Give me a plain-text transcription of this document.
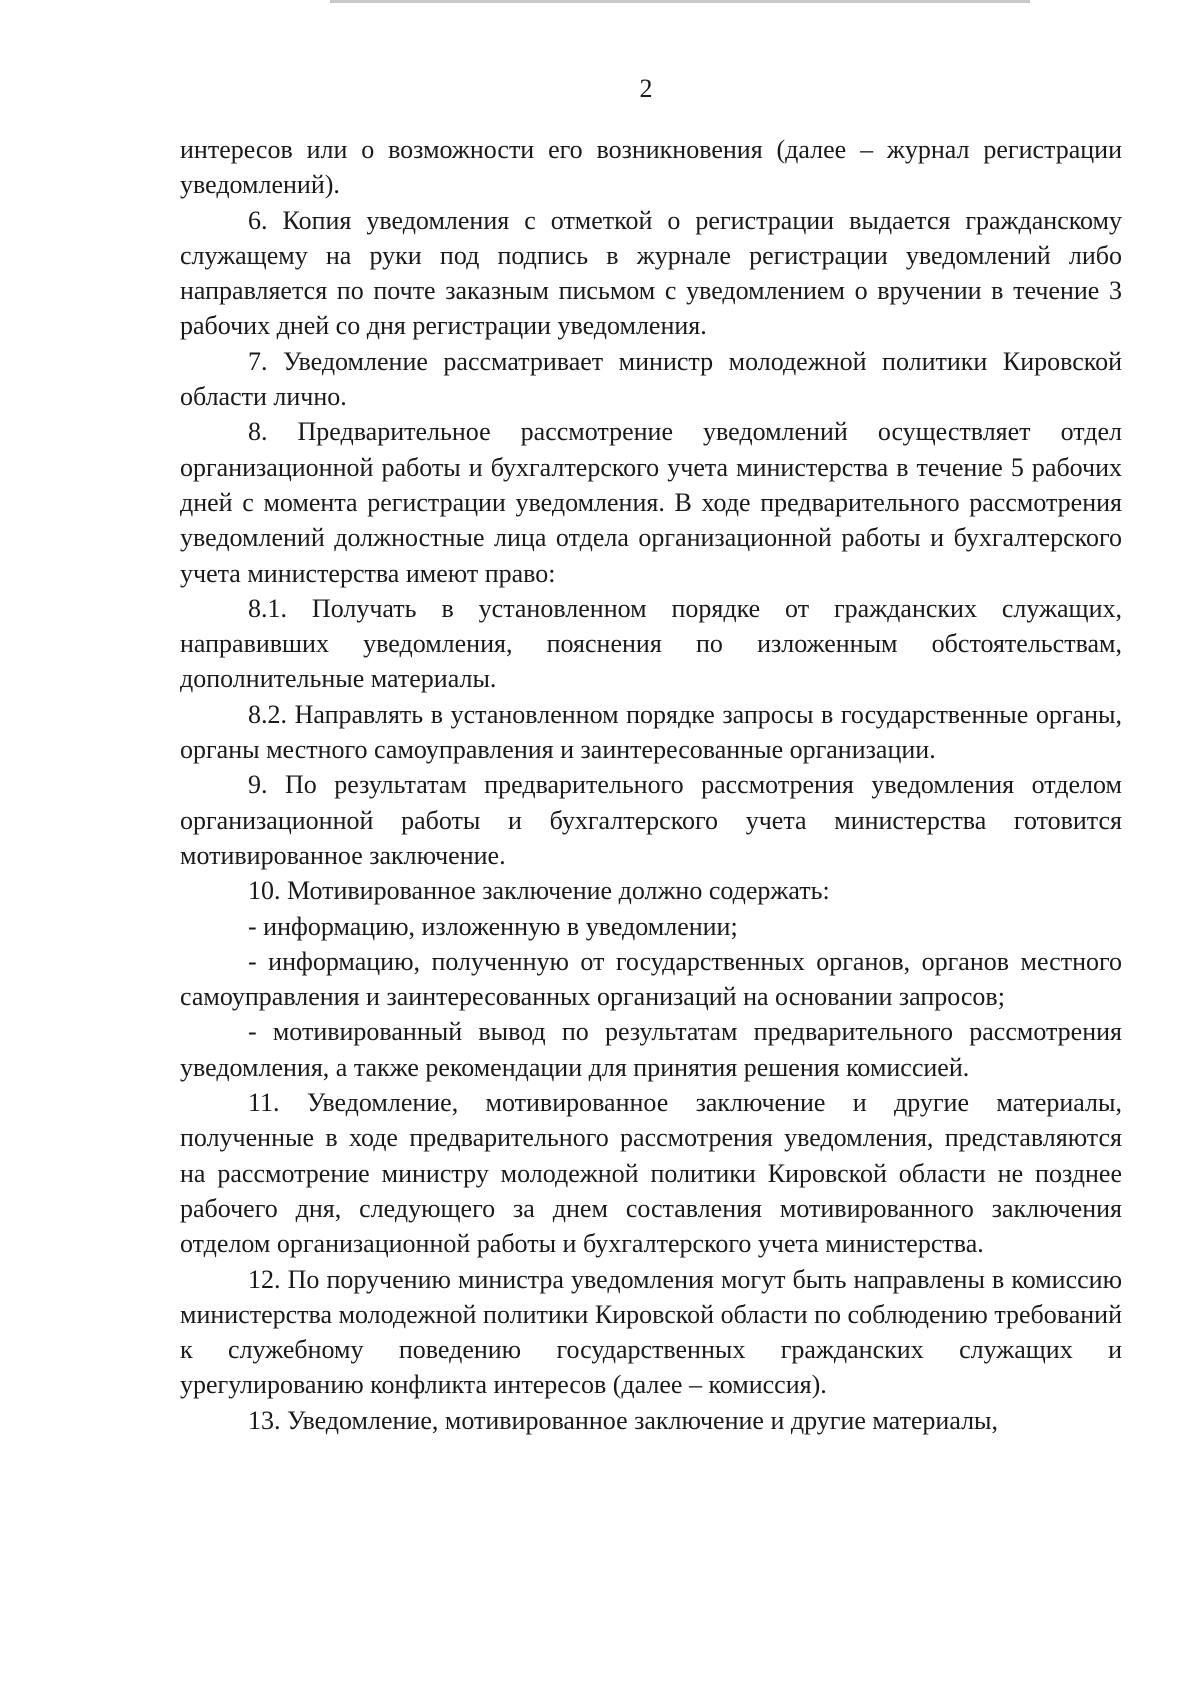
2

интересов или о возможности его возникновения (далее – журнал регистрации уведомлений).

6. Копия уведомления с отметкой о регистрации выдается гражданскому служащему на руки под подпись в журнале регистрации уведомлений либо направляется по почте заказным письмом с уведомлением о вручении в течение 3 рабочих дней со дня регистрации уведомления.

7. Уведомление рассматривает министр молодежной политики Кировской области лично.

8. Предварительное рассмотрение уведомлений осуществляет отдел организационной работы и бухгалтерского учета министерства в течение 5 рабочих дней с момента регистрации уведомления. В ходе предварительного рассмотрения уведомлений должностные лица отдела организационной работы и бухгалтерского учета министерства имеют право:

8.1. Получать в установленном порядке от гражданских служащих, направивших уведомления, пояснения по изложенным обстоятельствам, дополнительные материалы.

8.2. Направлять в установленном порядке запросы в государственные органы, органы местного самоуправления и заинтересованные организации.

9. По результатам предварительного рассмотрения уведомления отделом организационной работы и бухгалтерского учета министерства готовится мотивированное заключение.

10. Мотивированное заключение должно содержать:

- информацию, изложенную в уведомлении;

- информацию, полученную от государственных органов, органов местного самоуправления и заинтересованных организаций на основании запросов;

- мотивированный вывод по результатам предварительного рассмотрения уведомления, а также рекомендации для принятия решения комиссией.

11. Уведомление, мотивированное заключение и другие материалы, полученные в ходе предварительного рассмотрения уведомления, представляются на рассмотрение министру молодежной политики Кировской области не позднее рабочего дня, следующего за днем составления мотивированного заключения отделом организационной работы и бухгалтерского учета министерства.

12. По поручению министра уведомления могут быть направлены в комиссию министерства молодежной политики Кировской области по соблюдению требований к служебному поведению государственных гражданских служащих и урегулированию конфликта интересов (далее – комиссия).

13. Уведомление, мотивированное заключение и другие материалы,
